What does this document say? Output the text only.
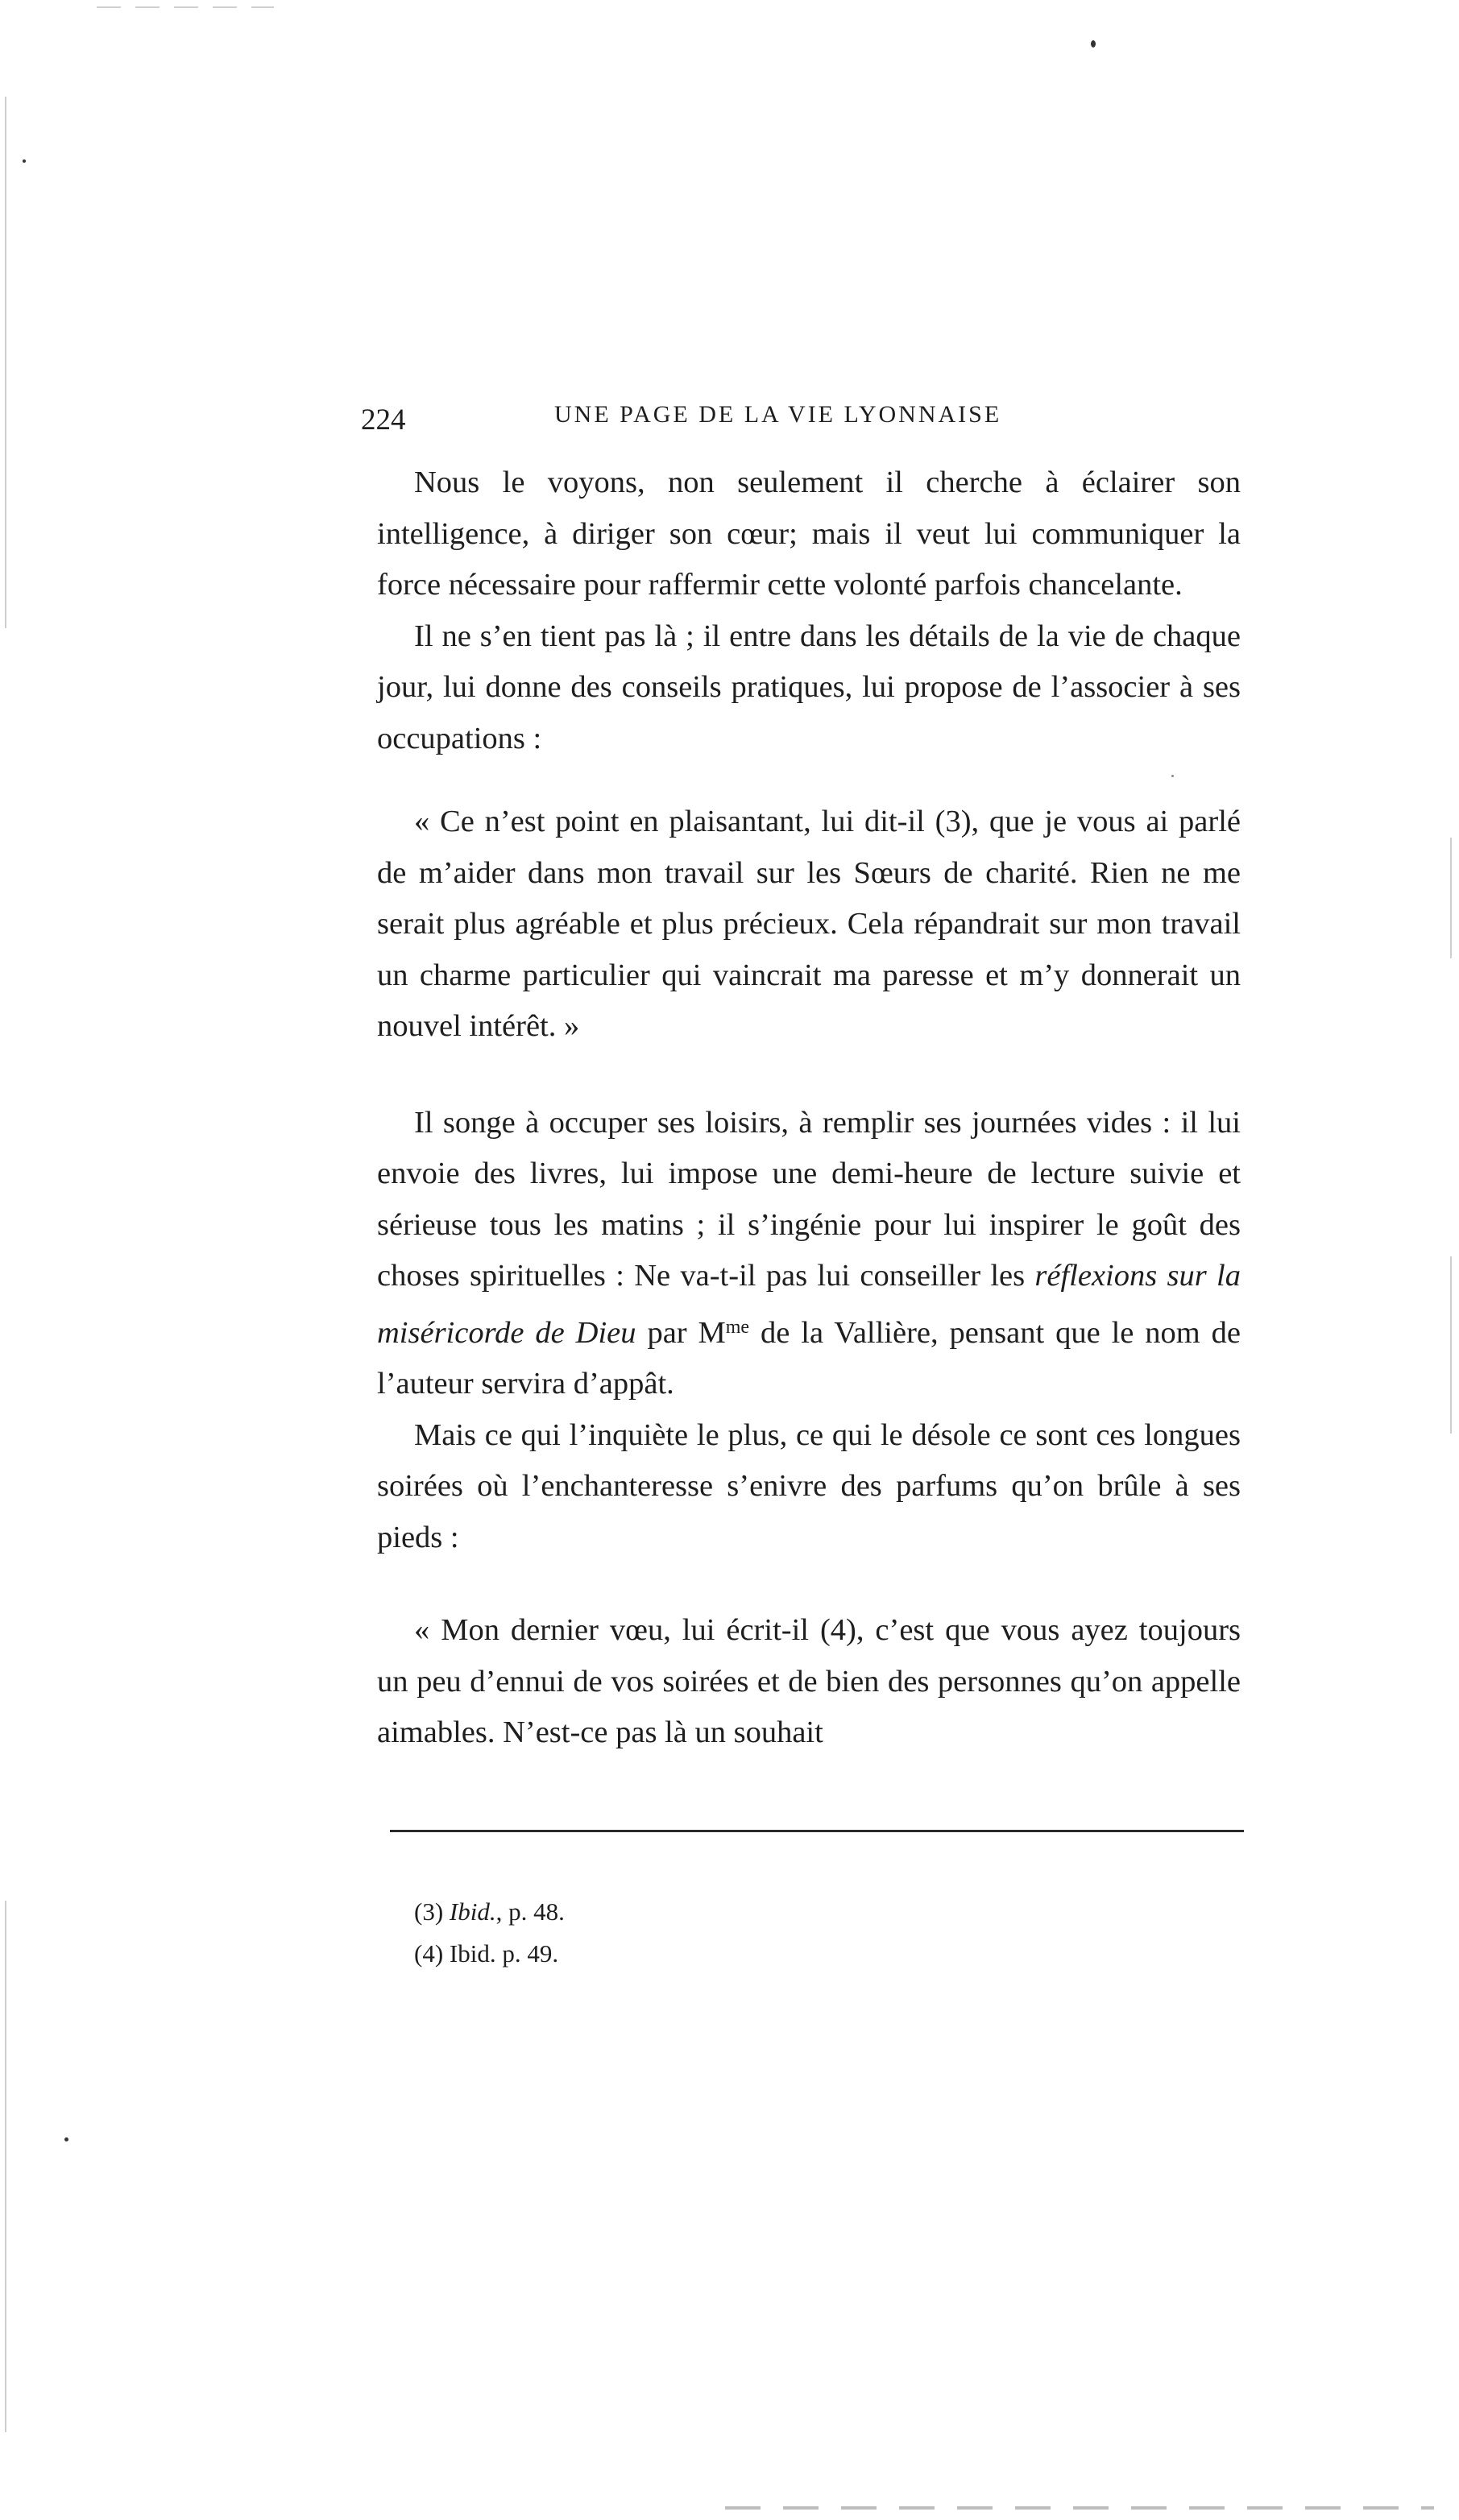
224	UNE PAGE DE LA VIE LYONNAISE

Nous le voyons, non seulement il cherche à éclairer son intelligence, à diriger son cœur; mais il veut lui communiquer la force nécessaire pour raffermir cette volonté parfois chancelante.

Il ne s’en tient pas là ; il entre dans les détails de la vie de chaque jour, lui donne des conseils pratiques, lui propose de l’associer à ses occupations :

« Ce n’est point en plaisantant, lui dit-il (3), que je vous ai parlé de m’aider dans mon travail sur les Sœurs de charité. Rien ne me serait plus agréable et plus précieux. Cela répandrait sur mon travail un charme particulier qui vaincrait ma paresse et m’y donnerait un nouvel intérêt. »

Il songe à occuper ses loisirs, à remplir ses journées vides : il lui envoie des livres, lui impose une demi-heure de lecture suivie et sérieuse tous les matins ; il s’ingénie pour lui inspirer le goût des choses spirituelles : Ne va-t-il pas lui conseiller les réflexions sur la miséricorde de Dieu par $M^{me}$ de la Vallière, pensant que le nom de l’auteur servira d’appât.

Mais ce qui l’inquiète le plus, ce qui le désole ce sont ces longues soirées où l’enchanteresse s’enivre des parfums qu’on brûle à ses pieds :

« Mon dernier vœu, lui écrit-il (4), c’est que vous ayez toujours un peu d’ennui de vos soirées et de bien des personnes qu’on appelle aimables. N’est-ce pas là un souhait

(3) Ibid., p. 48.
(4) Ibid. p. 49.
